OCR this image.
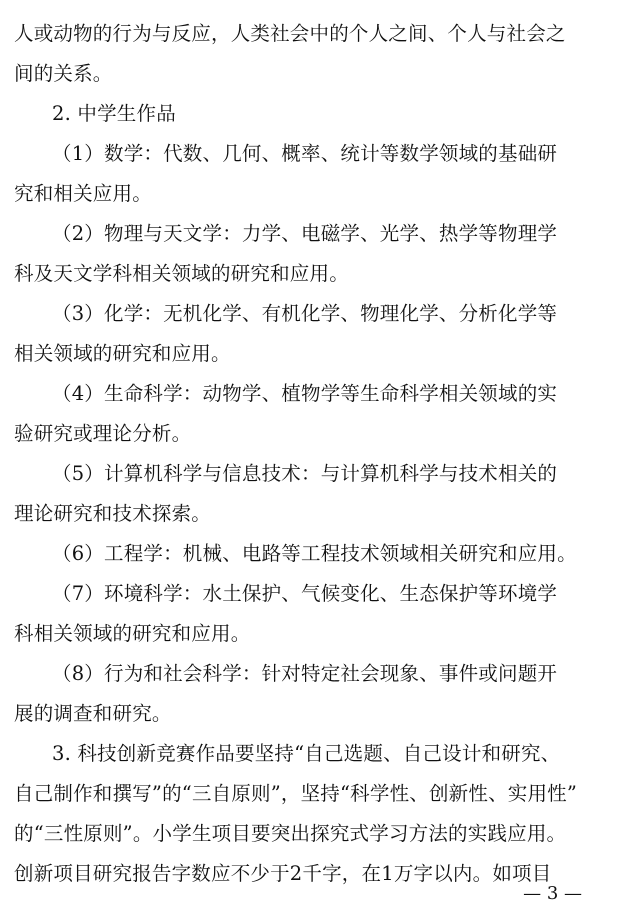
人或动物的行为与反应，人类社会中的个人之间、个人与社会之
间的关系。
2. 中学生作品
（1）数学：代数、几何、概率、统计等数学领域的基础研
究和相关应用。
（2）物理与天文学：力学、电磁学、光学、热学等物理学
科及天文学科相关领域的研究和应用。
（3）化学：无机化学、有机化学、物理化学、分析化学等
相关领域的研究和应用。
（4）生命科学：动物学、植物学等生命科学相关领域的实
验研究或理论分析。
（5）计算机科学与信息技术：与计算机科学与技术相关的
理论研究和技术探索。
（6）工程学：机械、电路等工程技术领域相关研究和应用。
（7）环境科学：水土保护、气候变化、生态保护等环境学
科相关领域的研究和应用。
（8）行为和社会科学：针对特定社会现象、事件或问题开
展的调查和研究。
3. 科技创新竞赛作品要坚持“自己选题、自己设计和研究、
自己制作和撰写”的“三自原则”，坚持“科学性、创新性、实用性”
的“三性原则”。小学生项目要突出探究式学习方法的实践应用。
创新项目研究报告字数应不少于2千字，在1万字以内。如项目
— 3 —
